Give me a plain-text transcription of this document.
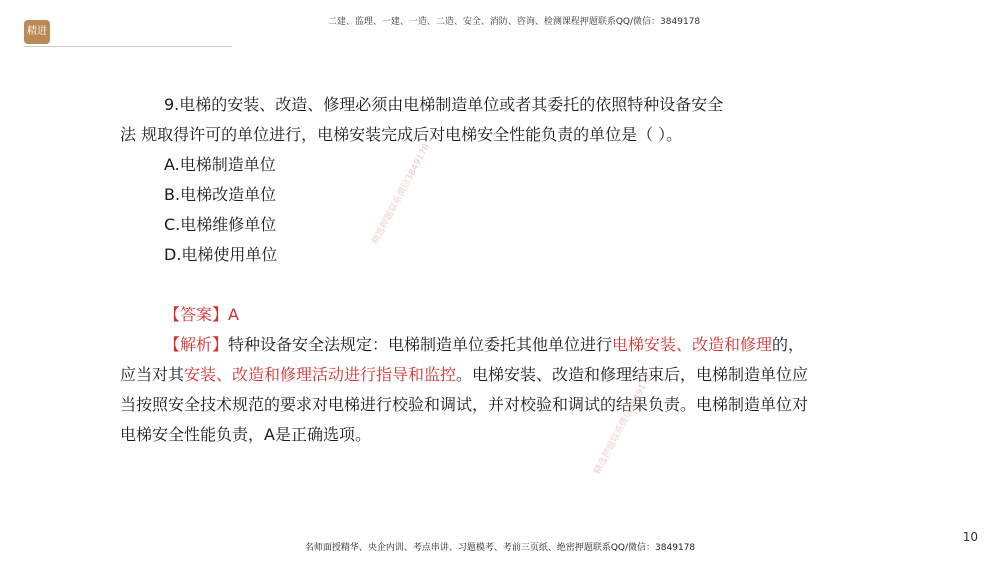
精进
二建、监理、一建、一造、二造、安全、消防、咨询、检测课程押题联系QQ/微信：3849178

9.电梯的安装、改造、修理必须由电梯制造单位或者其委托的依照特种设备安全

法 规取得许可的单位进行，电梯安装完成后对电梯安全性能负责的单位是（ ）。

A.电梯制造单位

B.电梯改造单位

C.电梯维修单位

D.电梯使用单位

【答案】A

【解析】特种设备安全法规定：电梯制造单位委托其他单位进行电梯安装、改造和修理的，应当对其安装、改造和修理活动进行指导和监控。电梯安装、改造和修理结束后，电梯制造单位应当按照安全技术规范的要求对电梯进行校验和调试，并对校验和调试的结果负责。电梯制造单位对电梯安全性能负责，A是正确选项。

精选押题联系微信3849178
精选押题联系微信3849178
名师面授精华、央企内训、考点串讲、习题模考、考前三页纸、绝密押题联系QQ/微信：3849178
10
